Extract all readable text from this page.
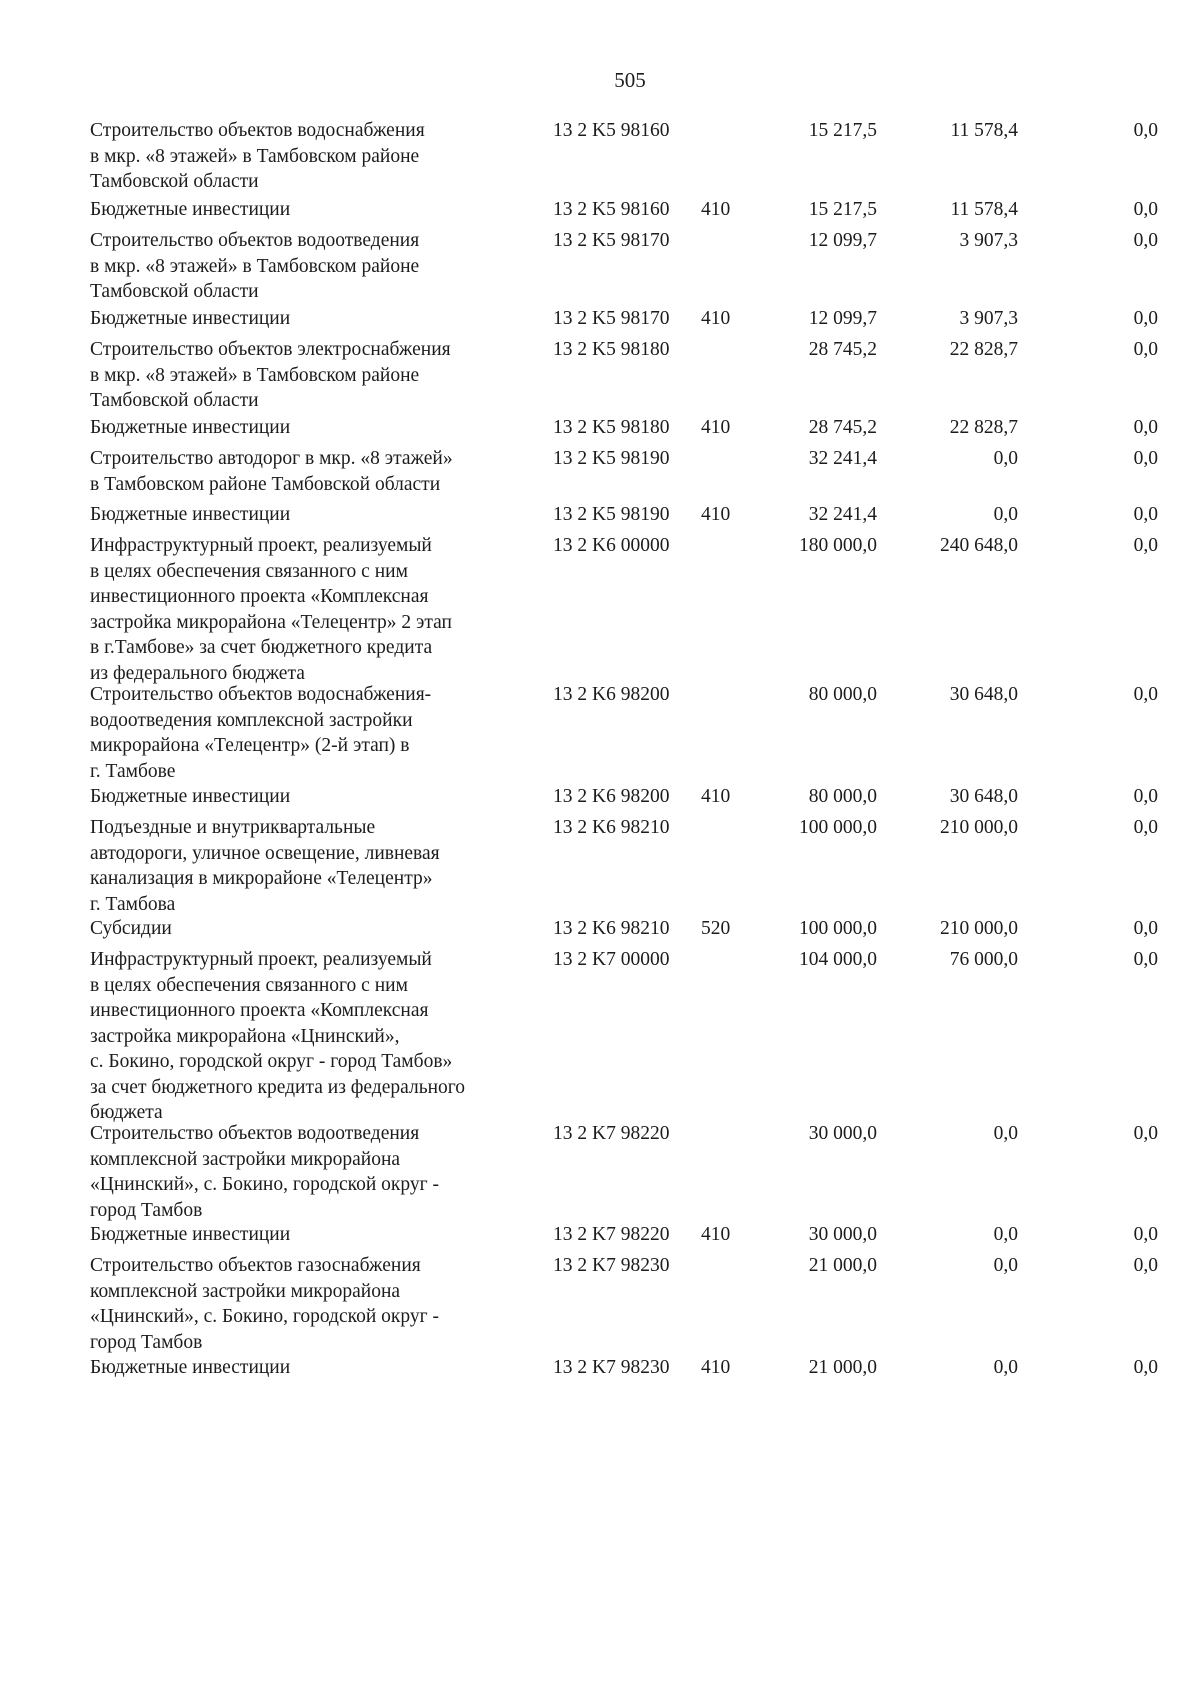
505
Строительство объектов водоснабжения
в мкр. «8 этажей» в Тамбовском районе
Тамбовской области
13 2 K5 98160	15 217,5	11 578,4	0,0
Бюджетные инвестиции	13 2 K5 98160 410	15 217,5	11 578,4	0,0
Строительство объектов водоотведения
в мкр. «8 этажей» в Тамбовском районе
Тамбовской области
13 2 K5 98170	12 099,7	3 907,3	0,0
Бюджетные инвестиции	13 2 K5 98170 410	12 099,7	3 907,3	0,0
Строительство объектов электроснабжения
в мкр. «8 этажей» в Тамбовском районе
Тамбовской области
13 2 K5 98180	28 745,2	22 828,7	0,0
Бюджетные инвестиции	13 2 K5 98180 410	28 745,2	22 828,7	0,0
Строительство автодорог в мкр. «8 этажей»
в Тамбовском районе Тамбовской области
13 2 K5 98190	32 241,4	0,0	0,0
Бюджетные инвестиции	13 2 K5 98190 410	32 241,4	0,0	0,0
Инфраструктурный проект, реализуемый
в целях обеспечения связанного с ним
инвестиционного проекта «Комплексная
застройка микрорайона «Телецентр» 2 этап
в г.Тамбове» за счет бюджетного кредита
из федерального бюджета
13 2 K6 00000	180 000,0	240 648,0	0,0
Строительство объектов водоснабжения-
водоотведения комплексной застройки
микрорайона «Телецентр» (2-й этап) в
г. Тамбове
13 2 K6 98200	80 000,0	30 648,0	0,0
Бюджетные инвестиции	13 2 K6 98200 410	80 000,0	30 648,0	0,0
Подъездные и внутриквартальные
автодороги, уличное освещение, ливневая
канализация в микрорайоне «Телецентр»
г. Тамбова
13 2 K6 98210	100 000,0	210 000,0	0,0
Субсидии	13 2 K6 98210 520	100 000,0	210 000,0	0,0
Инфраструктурный проект, реализуемый
в целях обеспечения связанного с ним
инвестиционного проекта «Комплексная
застройка микрорайона «Цнинский»,
с. Бокино, городской округ - город Тамбов»
за счет бюджетного кредита из федерального
бюджета
13 2 K7 00000	104 000,0	76 000,0	0,0
Строительство объектов водоотведения
комплексной застройки микрорайона
«Цнинский», с. Бокино, городской округ -
город Тамбов
13 2 K7 98220	30 000,0	0,0	0,0
Бюджетные инвестиции	13 2 K7 98220 410	30 000,0	0,0	0,0
Строительство объектов газоснабжения
комплексной застройки микрорайона
«Цнинский», с. Бокино, городской округ -
город Тамбов
13 2 K7 98230	21 000,0	0,0	0,0
Бюджетные инвестиции	13 2 K7 98230 410	21 000,0	0,0	0,0
